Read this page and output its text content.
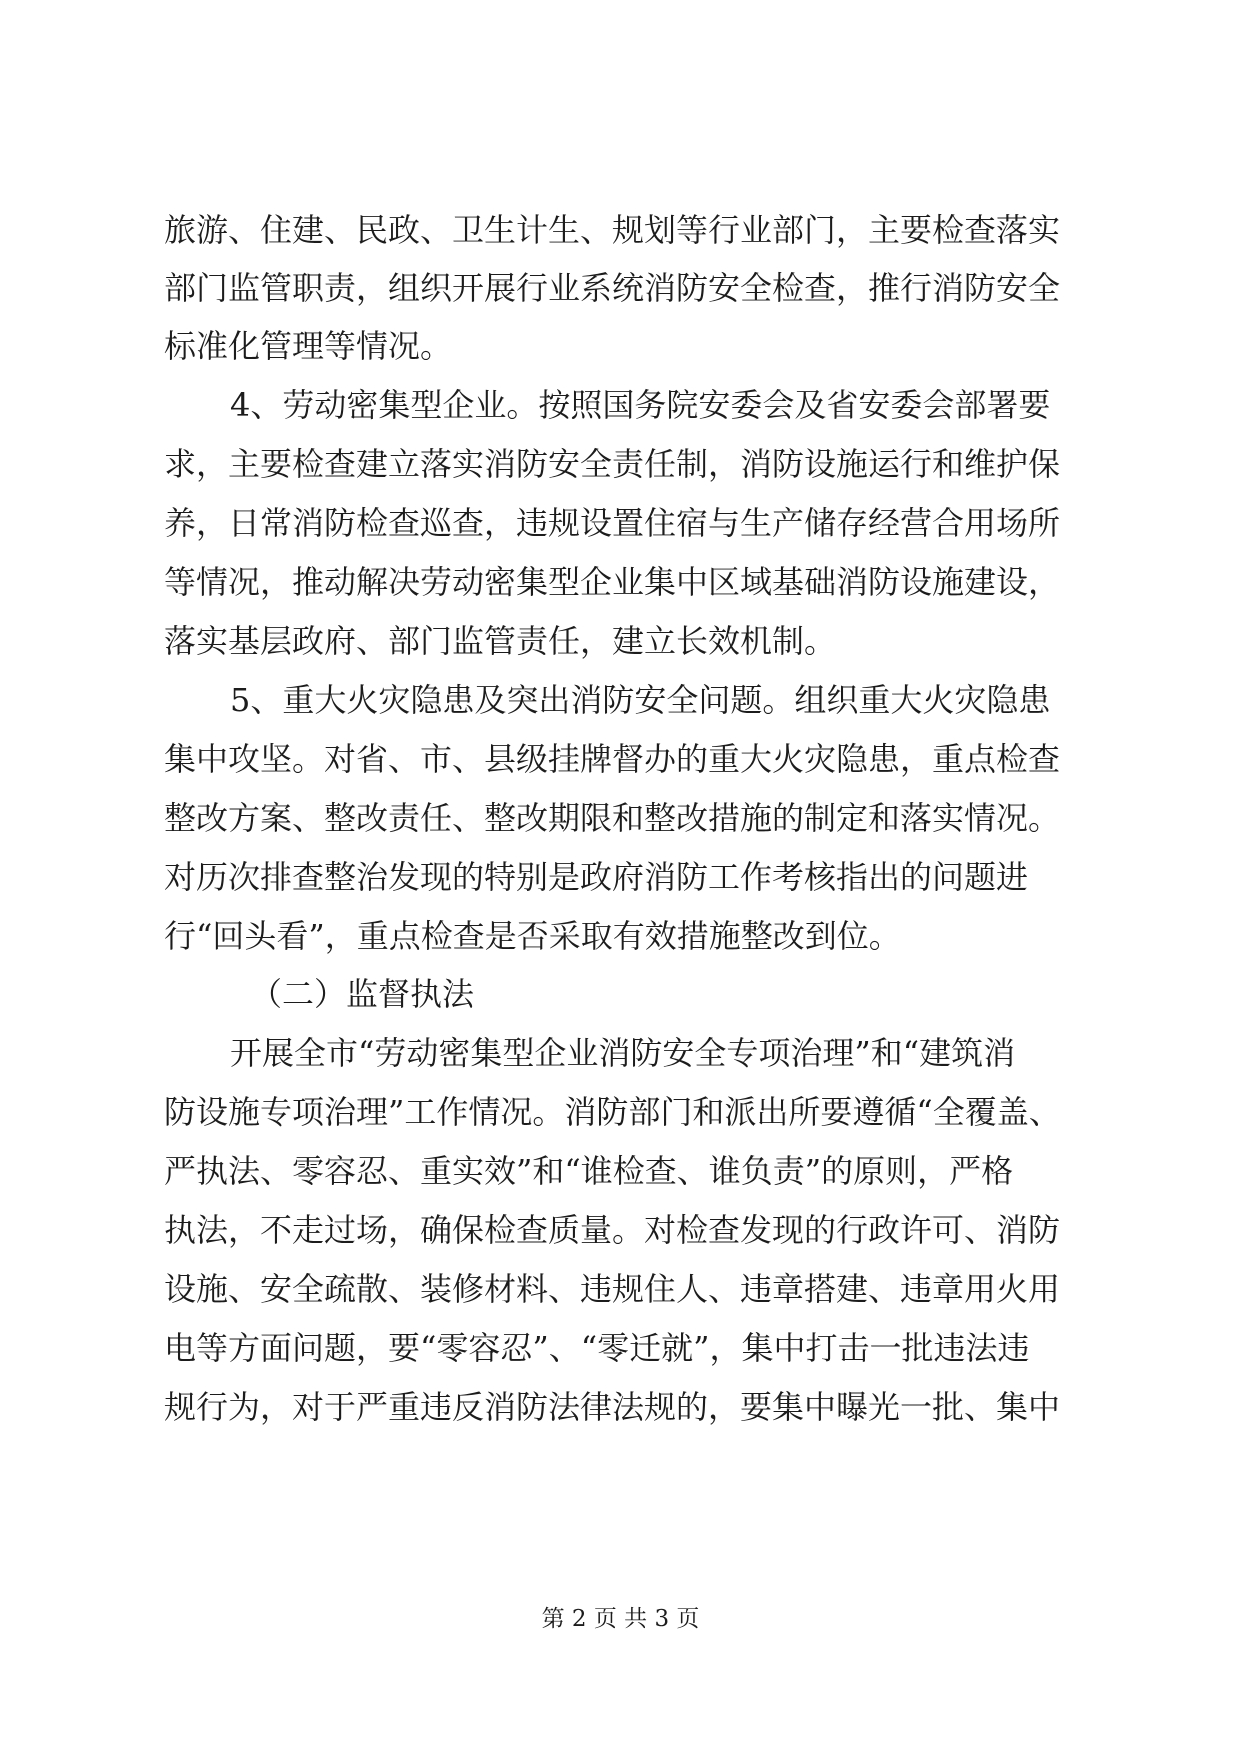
旅游、住建、民政、卫生计生、规划等行业部门，主要检查落实
部门监管职责，组织开展行业系统消防安全检查，推行消防安全
标准化管理等情况。
4、劳动密集型企业。按照国务院安委会及省安委会部署要
求，主要检查建立落实消防安全责任制，消防设施运行和维护保
养，日常消防检查巡查，违规设置住宿与生产储存经营合用场所
等情况，推动解决劳动密集型企业集中区域基础消防设施建设，
落实基层政府、部门监管责任，建立长效机制。
5、重大火灾隐患及突出消防安全问题。组织重大火灾隐患
集中攻坚。对省、市、县级挂牌督办的重大火灾隐患，重点检查
整改方案、整改责任、整改期限和整改措施的制定和落实情况。
对历次排查整治发现的特别是政府消防工作考核指出的问题进
行“回头看”，重点检查是否采取有效措施整改到位。
（二）监督执法
开展全市“劳动密集型企业消防安全专项治理”和“建筑消
防设施专项治理”工作情况。消防部门和派出所要遵循“全覆盖、
严执法、零容忍、重实效”和“谁检查、谁负责”的原则，严格
执法，不走过场，确保检查质量。对检查发现的行政许可、消防
设施、安全疏散、装修材料、违规住人、违章搭建、违章用火用
电等方面问题，要“零容忍”、“零迁就”，集中打击一批违法违
规行为，对于严重违反消防法律法规的，要集中曝光一批、集中
第 2 页 共 3 页
